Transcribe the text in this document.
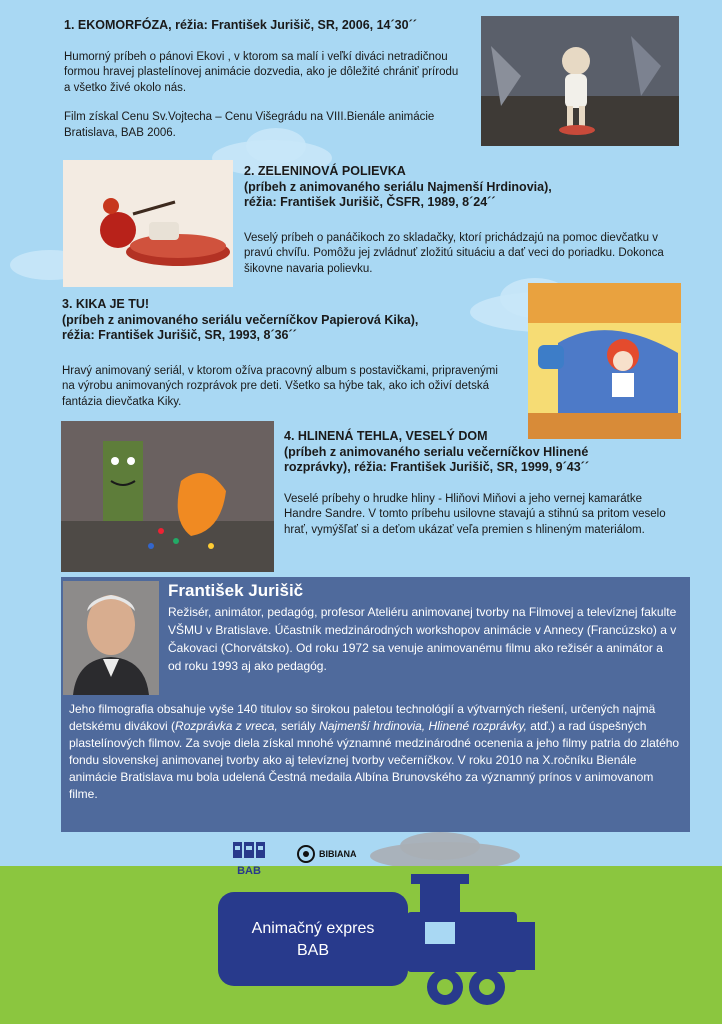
1. EKOMORFÓZA, réžia: František Jurišič, SR, 2006, 14´30´´

Humorný príbeh o pánovi Ekovi , v ktorom sa malí i veľkí diváci netradičnou formou hravej plastelínovej animácie dozvedia, ako je dôležité chrániť prírodu a všetko živé okolo nás.

Film získal Cenu Sv.Vojtecha – Cenu Višegrádu na VIII.Bienále animácie Bratislava, BAB 2006.

2. ZELENINOVÁ POLIEVKA
(príbeh z animovaného seriálu Najmenší Hrdinovia),
réžia: František Jurišič, ČSFR, 1989, 8´24´´

Veselý príbeh o panáčikoch zo skladačky, ktorí prichádzajú na pomoc dievčatku v pravú chvíľu. Pomôžu jej zvládnuť zložitú situáciu a dať veci do poriadku. Dokonca šikovne navaria polievku.

3. KIKA JE TU!
(príbeh z animovaného seriálu večerníčkov Papierová Kika),
réžia: František Jurišič, SR, 1993, 8´36´´

Hravý animovaný seriál, v ktorom ožíva pracovný album s postavičkami, pripravenými na výrobu animovaných rozprávok pre deti. Všetko sa hýbe tak, ako ich oživí detská fantázia dievčatka Kiky.

4. HLINENÁ TEHLA, VESELÝ DOM
(príbeh z animovaného serialu večerníčkov Hlinené
rozprávky), réžia: František Jurišič, SR, 1999, 9´43´´

Veselé príbehy o hrudke hliny - Hliňovi Miňovi a jeho vernej kamarátke Handre Sandre. V tomto príbehu usilovne stavajú a stihnú sa pritom veselo hrať, vymýšľať si a deťom ukázať veľa premien s hlineným materiálom.

František Jurišič
Režisér, animátor, pedagóg, profesor Ateliéru animovanej tvorby na Filmovej a televíznej fakulte VŠMU v Bratislave. Účastník medzinárodných workshopov animácie v Annecy (Francúzsko) a v Čakovaci (Chorvátsko). Od roku 1972 sa venuje animovanému filmu ako režisér a animátor a od roku 1993 aj ako pedagóg.
Jeho filmografia obsahuje vyše 140 titulov so širokou paletou technológií a výtvarných riešení, určených najmä detskému divákovi (Rozprávka z vreca, seriály Najmenší hrdinovia, Hlinené rozprávky, atď.) a rad úspešných plastelínových filmov. Za svoje diela získal mnohé významné medzinárodné ocenenia a jeho filmy patria do zlatého fondu slovenskej animovanej tvorby ako aj televíznej tvorby večerníčkov. V roku 2010 na X.ročníku Bienále animácie Bratislava mu bola udelená Čestná medaila Albína Brunovského za významný prínos v animovanom filme.
BAB
BIBIANA
Animačný expres
BAB
